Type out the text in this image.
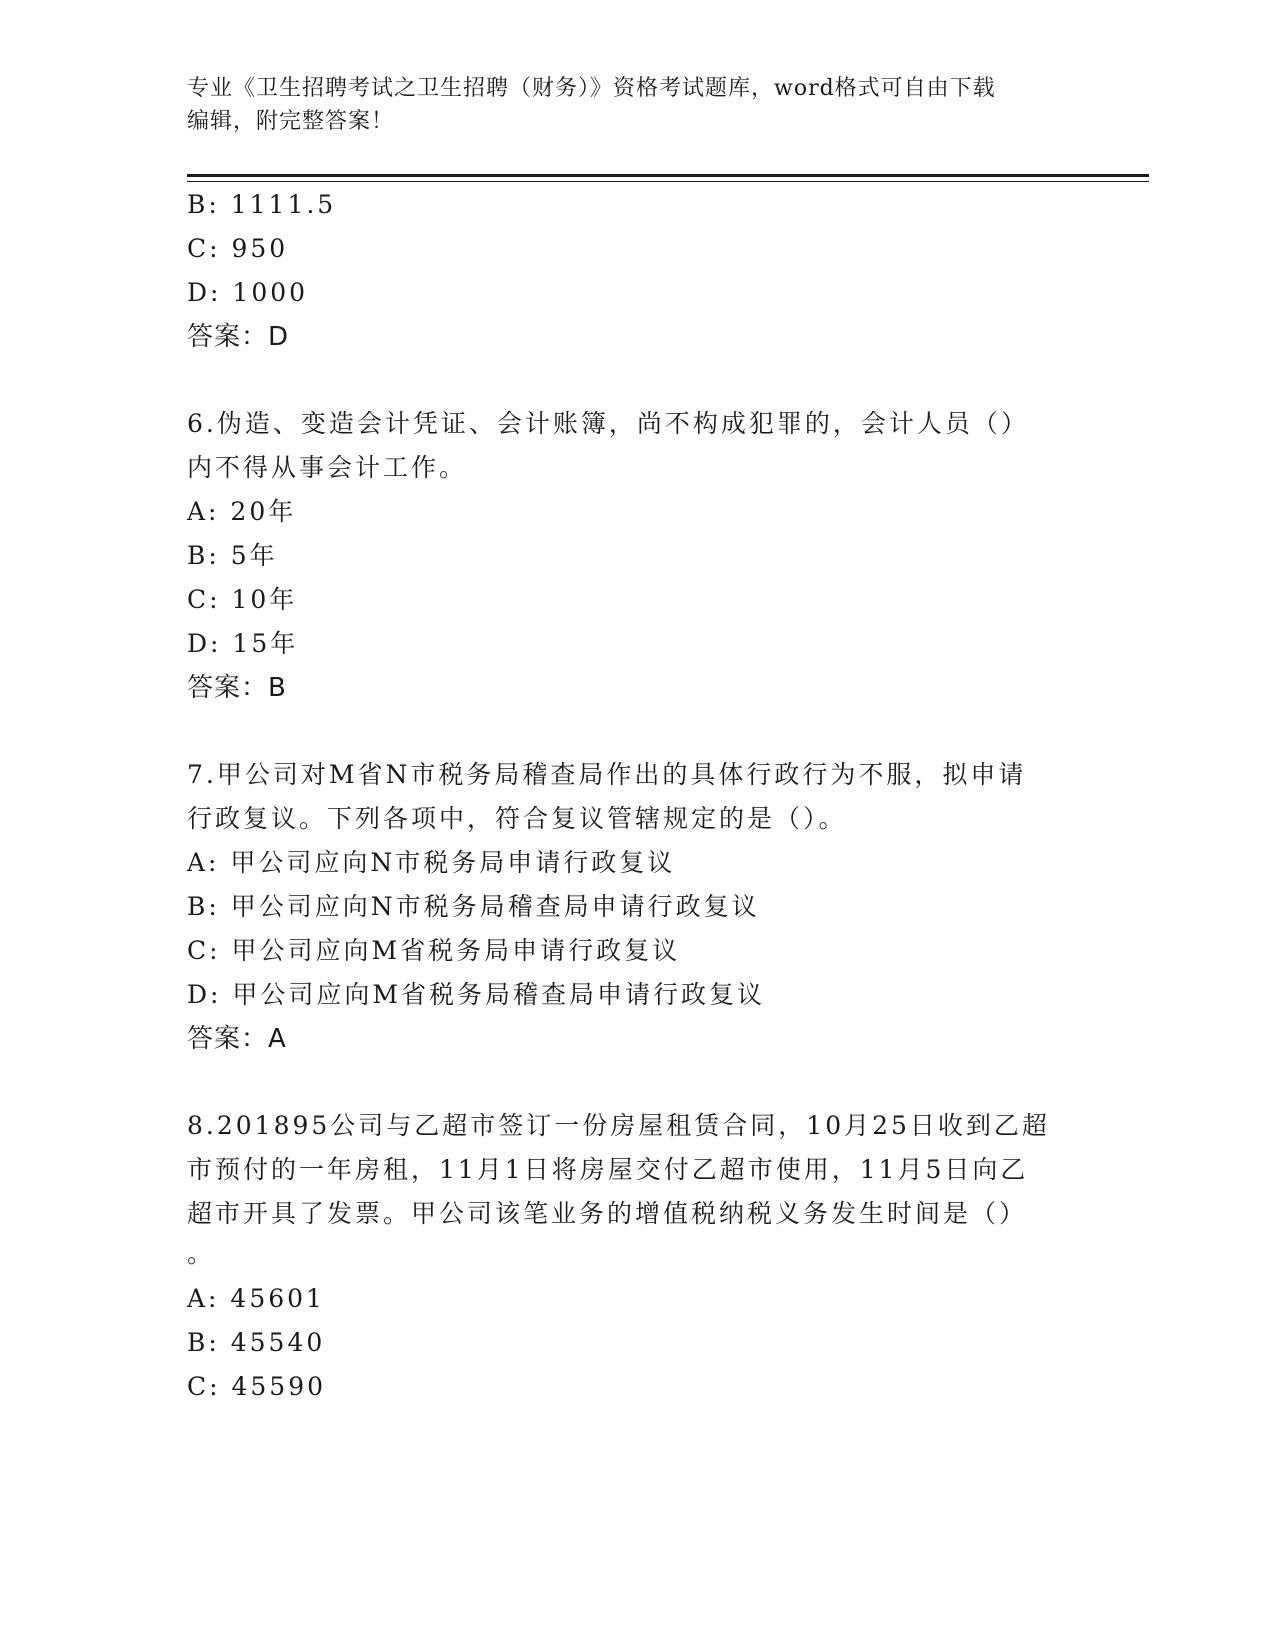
专业《卫生招聘考试之卫生招聘（财务）》资格考试题库，word格式可自由下载
编辑，附完整答案！
B: 1111.5
C: 950
D: 1000
答案：D
6.伪造、变造会计凭证、会计账簿，尚不构成犯罪的，会计人员（）
内不得从事会计工作。
A: 20年
B: 5年
C: 10年
D: 15年
答案：B
7.甲公司对M省N市税务局稽查局作出的具体行政行为不服，拟申请
行政复议。下列各项中，符合复议管辖规定的是（）。
A: 甲公司应向N市税务局申请行政复议
B: 甲公司应向N市税务局稽查局申请行政复议
C: 甲公司应向M省税务局申请行政复议
D: 甲公司应向M省税务局稽查局申请行政复议
答案：A
8.201895公司与乙超市签订一份房屋租赁合同，10月25日收到乙超
市预付的一年房租，11月1日将房屋交付乙超市使用，11月5日向乙
超市开具了发票。甲公司该笔业务的增值税纳税义务发生时间是（）
。
A: 45601
B: 45540
C: 45590
